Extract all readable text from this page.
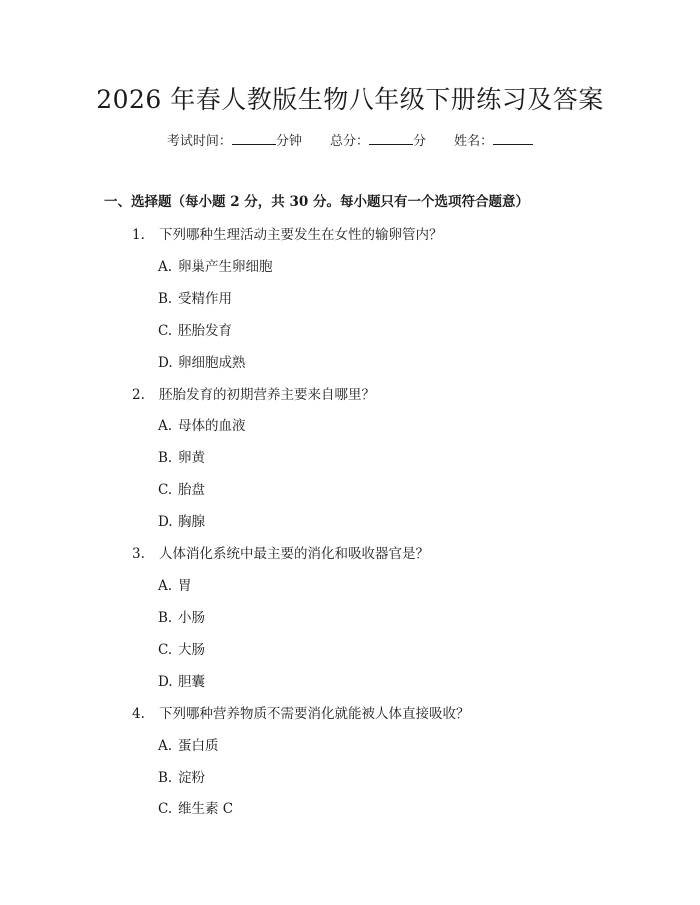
2026 年春人教版生物八年级下册练习及答案
考试时间：	分钟 总分：	分 姓名：
一、选择题（每小题 2 分，共 30 分。每小题只有一个选项符合题意）
1. 下列哪种生理活动主要发生在女性的输卵管内？
A. 卵巢产生卵细胞
B. 受精作用
C. 胚胎发育
D. 卵细胞成熟
2. 胚胎发育的初期营养主要来自哪里？
A. 母体的血液
B. 卵黄
C. 胎盘
D. 胸腺
3. 人体消化系统中最主要的消化和吸收器官是？
A. 胃
B. 小肠
C. 大肠
D. 胆囊
4. 下列哪种营养物质不需要消化就能被人体直接吸收？
A. 蛋白质
B. 淀粉
C. 维生素 C
